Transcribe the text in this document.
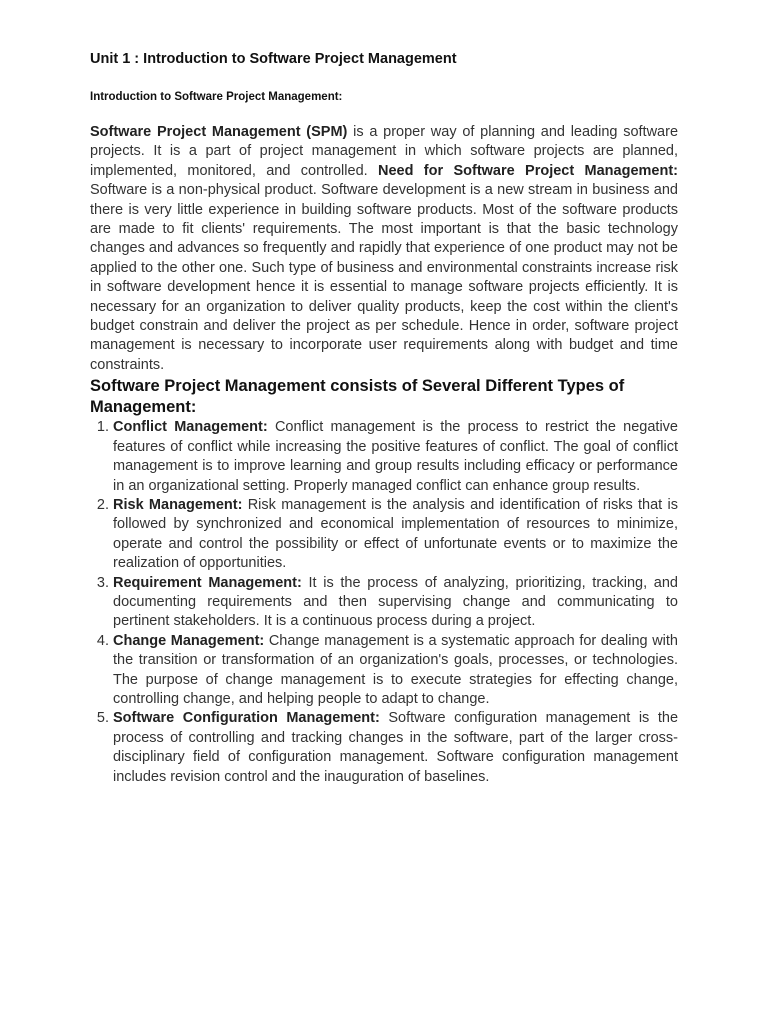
Unit 1 : Introduction to Software Project Management
Introduction to Software Project Management:

Software Project Management (SPM) is a proper way of planning and leading software projects. It is a part of project management in which software projects are planned, implemented, monitored, and controlled. Need for Software Project Management: Software is a non-physical product. Software development is a new stream in business and there is very little experience in building software products. Most of the software products are made to fit clients' requirements. The most important is that the basic technology changes and advances so frequently and rapidly that experience of one product may not be applied to the other one. Such type of business and environmental constraints increase risk in software development hence it is essential to manage software projects efficiently. It is necessary for an organization to deliver quality products, keep the cost within the client's budget constrain and deliver the project as per schedule. Hence in order, software project management is necessary to incorporate user requirements along with budget and time constraints.

Software Project Management consists of Several Different Types of Management:
1. Conflict Management: Conflict management is the process to restrict the negative features of conflict while increasing the positive features of conflict. The goal of conflict management is to improve learning and group results including efficacy or performance in an organizational setting. Properly managed conflict can enhance group results.
2. Risk Management: Risk management is the analysis and identification of risks that is followed by synchronized and economical implementation of resources to minimize, operate and control the possibility or effect of unfortunate events or to maximize the realization of opportunities.
3. Requirement Management: It is the process of analyzing, prioritizing, tracking, and documenting requirements and then supervising change and communicating to pertinent stakeholders. It is a continuous process during a project.
4. Change Management: Change management is a systematic approach for dealing with the transition or transformation of an organization's goals, processes, or technologies. The purpose of change management is to execute strategies for effecting change, controlling change, and helping people to adapt to change.
5. Software Configuration Management: Software configuration management is the process of controlling and tracking changes in the software, part of the larger cross-disciplinary field of configuration management. Software configuration management includes revision control and the inauguration of baselines.
